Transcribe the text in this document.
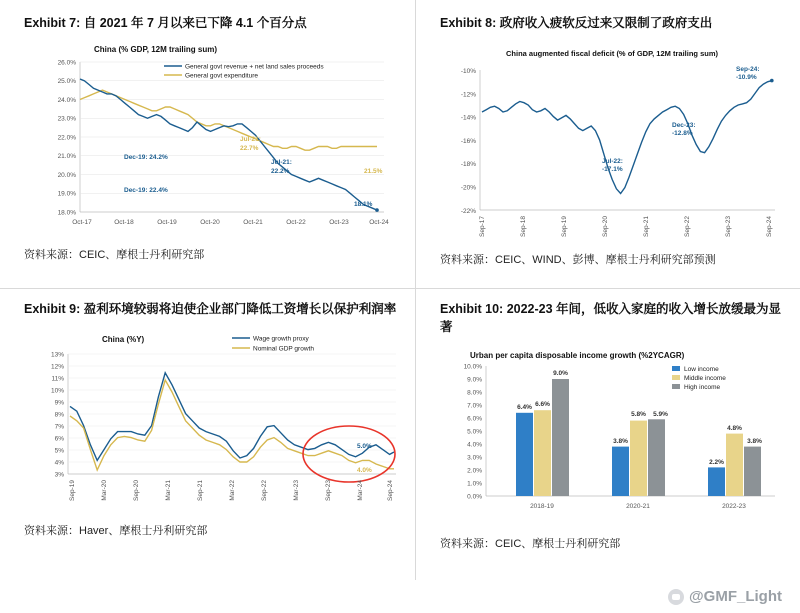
Exhibit 7: 自 2021 年 7 月以来已下降 4.1 个百分点
China (% GDP, 12M trailing sum)
26.0%
25.0%
24.0%
23.0%
22.0%
21.0%
20.0%
19.0%
18.0%
General govt revenue + net land sales proceeds
General govt expenditure
Dec-19: 24.2%
Dec-19: 22.4%
Jul-21:
22.7%
Jul-21:
22.2%	21.5%
18.1%
Oct-17	Oct-18	Oct-19	Oct-20	Oct-21	Oct-22	Oct-23	Oct-24
资料来源：CEIC、摩根士丹利研究部
Exhibit 8: 政府收入疲软反过来又限制了政府支出
China augmented fiscal deficit (% of GDP, 12M trailing sum)
-10%
-12%
-14%
-16%
-18%
-20%
-22%
Sep-24:
-10.9%
Dec-23:
-12.8%
Jul-22:
-17.1%
Sep-17	Sep-18	Sep-19	Sep-20	Sep-21	Sep-22	Sep-23	Sep-24
资料来源：CEIC、WIND、彭博、摩根士丹利研究部预测
Exhibit 9: 盈利环境较弱将迫使企业部门降低工资增长以保护利润率
China (%Y)	Wage growth proxy
Nominal GDP growth
13%
12%
11%
10%
9%
8%
7%
6%
5%
4%
3%
5.0%
4.0%
Sep-19	Mar-20	Sep-20	Mar-21	Sep-21	Mar-22	Sep-22	Mar-23	Sep-23	Mar-24	Sep-24
资料来源：Haver、摩根士丹利研究部
Exhibit 10: 2022-23 年间，低收入家庭的收入增长放缓最为显著
Urban per capita disposable income growth (%2YCAGR)
Low income
Middle income
High income
10.0%
9.0%
8.0%
7.0%
6.0%
5.0%
4.0%
3.0%
2.0%
1.0%
0.0%
6.4% 6.6%
9.0%
2018-19
3.8%
5.8% 5.9%
2020-21
2.2%
4.8%
3.8%
2022-23
资料来源：CEIC、摩根士丹利研究部
@GMF_Light
